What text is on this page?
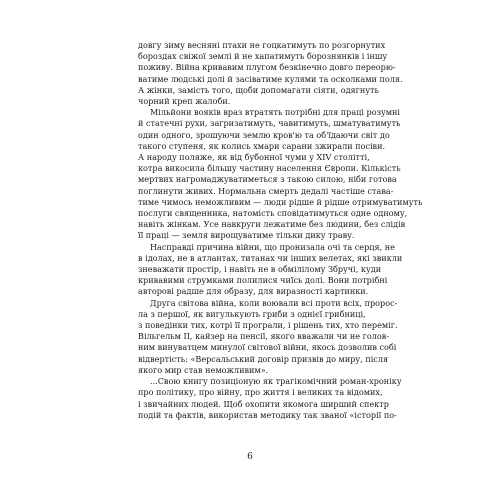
довгу зиму весняні птахи не гоцкатимуть по розгорнутих
бороздах свіжої землі й не хапатимуть борознянків і іншу
поживу. Війна кривавим плугом безкінечно довго переорю-
ватиме людські долі й засіватиме кулями та осколками поля.
А жінки, замість того, щоби допомагати сіяти, одягнуть
чорний креп жалоби.
Мільйони вояків враз втратять потрібні для праці розумні
й статечні рухи, загризатимуть, чавитимуть, шматуватимуть
один одного, зрошуючи землю кров'ю та об'їдаючи світ до
такого ступеня, як колись хмари сарани зжирали посіви.
А народу поляже, як від бубонної чуми у XIV століттi,
котра викосила більшу частину населення Європи. Кількість
мертвих нагромаджуватиметься з такою силою, ніби готова
поглинути живих. Нормальна смерть дедалі частіше става-
тиме чимось неможливим — люди рідше й рідше отримуватимуть
послуги священника, натомість сповідатимуться одне одному,
навіть жінкам. Усе навкруги лежатиме без людини, без слідів
її праці — земля вирощуватиме тільки дику траву.
Насправді причина війни, що пронизала очі та серця, не
в ідолах, не в атлантах, титанах чи інших велетах, які звикли
зневажати простір, і навіть не в обмілілому Збручі, куди
кривавими струмками полилися чиїсь долі. Вони потрібні
авторові радше для образу, для виразності картинки.
Друга світова війна, коли воювали всі проти всіх, пророс-
ла з першої, як вигулькують гриби з однієї грибниці,
з поведінки тих, котрі її програли, і рішень тих, хто переміг.
Вільгельм II, кайзер на пенсії, якого вважали чи не голов-
ним винуватцем минулої світової війни, якось дозволив собі
відвертість: «Версальський договір призвів до миру, після
якого мир став неможливим».
...Свою книгу позиціоную як трагікомічний роман-хроніку
про політику, про війну, про життя і великих та відомих,
і звичайних людей. Щоб охопити якомога ширший спектр
подій та фактів, використав методику так званої «історії по-
6
